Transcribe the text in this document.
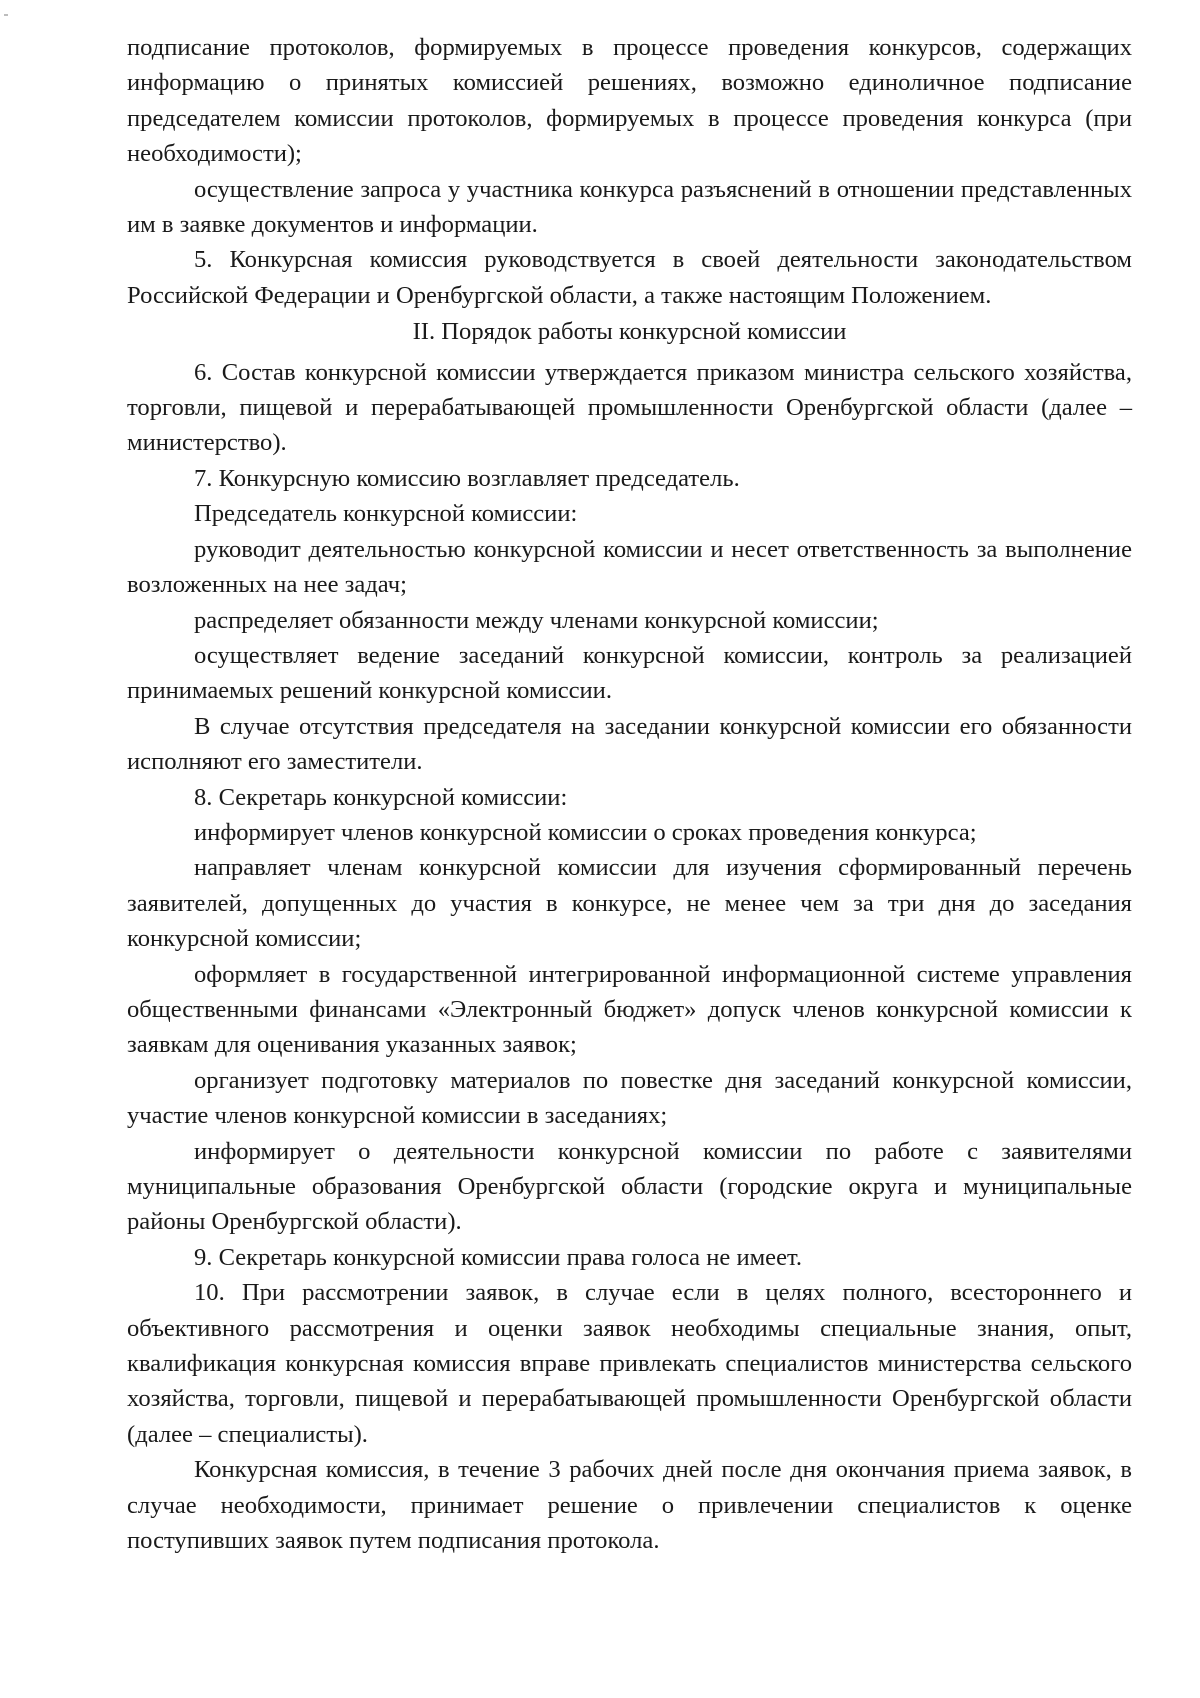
подписание протоколов, формируемых в процессе проведения конкурсов, содержащих информацию о принятых комиссией решениях, возможно единоличное подписание председателем комиссии протоколов, формируемых в процессе проведения конкурса (при необходимости);

осуществление запроса у участника конкурса разъяснений в отношении представленных им в заявке документов и информации.

5. Конкурсная комиссия руководствуется в своей деятельности законодательством Российской Федерации и Оренбургской области, а также настоящим Положением.

II. Порядок работы конкурсной комиссии

6. Состав конкурсной комиссии утверждается приказом министра сельского хозяйства, торговли, пищевой и перерабатывающей промышленности Оренбургской области (далее – министерство).

7. Конкурсную комиссию возглавляет председатель.

Председатель конкурсной комиссии:

руководит деятельностью конкурсной комиссии и несет ответственность за выполнение возложенных на нее задач;

распределяет обязанности между членами конкурсной комиссии;

осуществляет ведение заседаний конкурсной комиссии, контроль за реализацией принимаемых решений конкурсной комиссии.

В случае отсутствия председателя на заседании конкурсной комиссии его обязанности исполняют его заместители.

8. Секретарь конкурсной комиссии:

информирует членов конкурсной комиссии о сроках проведения конкурса;

направляет членам конкурсной комиссии для изучения сформированный перечень заявителей, допущенных до участия в конкурсе, не менее чем за три дня до заседания конкурсной комиссии;

оформляет в государственной интегрированной информационной системе управления общественными финансами «Электронный бюджет» допуск членов конкурсной комиссии к заявкам для оценивания указанных заявок;

организует подготовку материалов по повестке дня заседаний конкурсной комиссии, участие членов конкурсной комиссии в заседаниях;

информирует о деятельности конкурсной комиссии по работе с заявителями муниципальные образования Оренбургской области (городские округа и муниципальные районы Оренбургской области).

9. Секретарь конкурсной комиссии права голоса не имеет.

10. При рассмотрении заявок, в случае если в целях полного, всестороннего и объективного рассмотрения и оценки заявок необходимы специальные знания, опыт, квалификация конкурсная комиссия вправе привлекать специалистов министерства сельского хозяйства, торговли, пищевой и перерабатывающей промышленности Оренбургской области (далее – специалисты).

Конкурсная комиссия, в течение 3 рабочих дней после дня окончания приема заявок, в случае необходимости, принимает решение о привлечении специалистов к оценке поступивших заявок путем подписания протокола.
